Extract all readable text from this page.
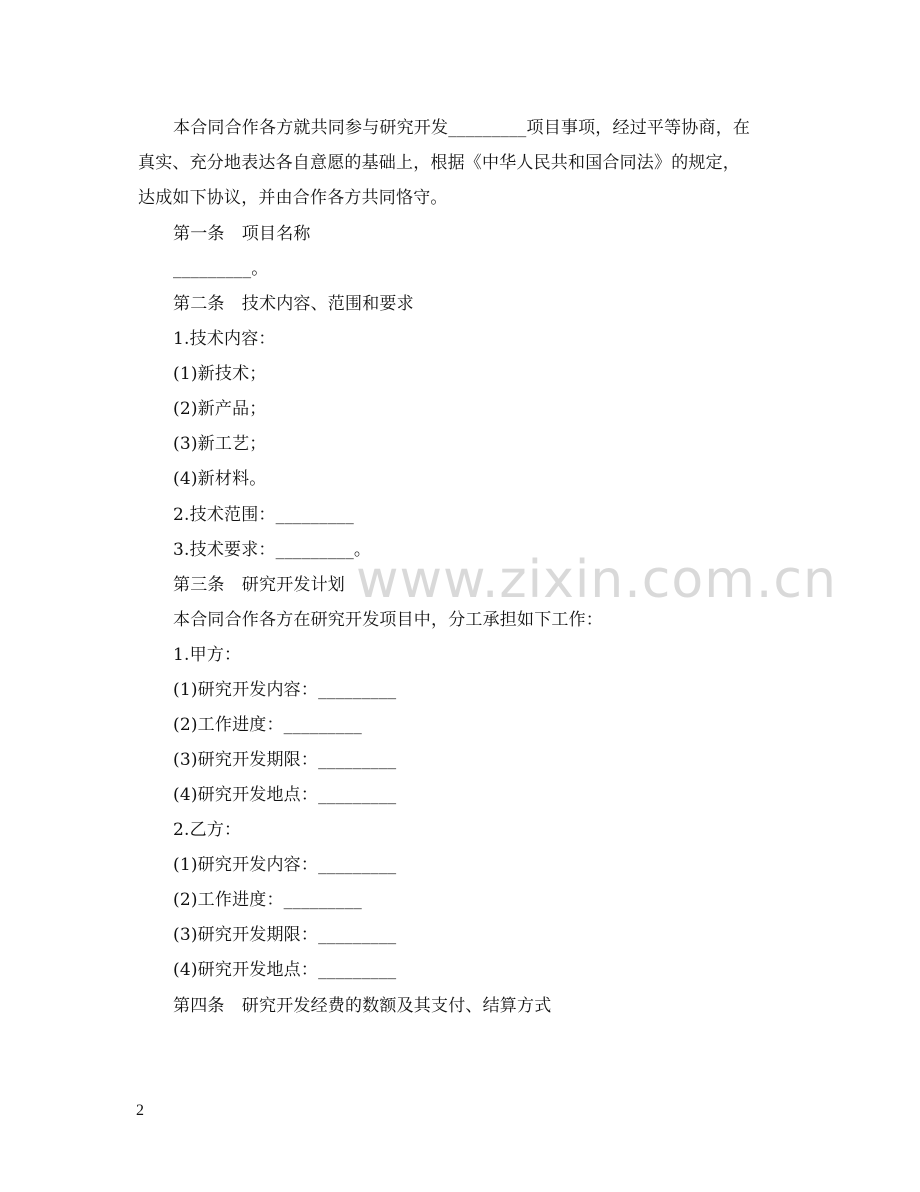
www.zixin.com.cn
本合同合作各方就共同参与研究开发_________项目事项，经过平等协商，在
真实、充分地表达各自意愿的基础上，根据《中华人民共和国合同法》的规定，
达成如下协议，并由合作各方共同恪守。
第一条　项目名称
_________。
第二条　技术内容、范围和要求
1.技术内容：
(1)新技术；
(2)新产品；
(3)新工艺；
(4)新材料。
2.技术范围：_________
3.技术要求：_________。
第三条　研究开发计划
本合同合作各方在研究开发项目中，分工承担如下工作：
1.甲方：
(1)研究开发内容：_________
(2)工作进度：_________
(3)研究开发期限：_________
(4)研究开发地点：_________
2.乙方：
(1)研究开发内容：_________
(2)工作进度：_________
(3)研究开发期限：_________
(4)研究开发地点：_________
第四条　研究开发经费的数额及其支付、结算方式
2
